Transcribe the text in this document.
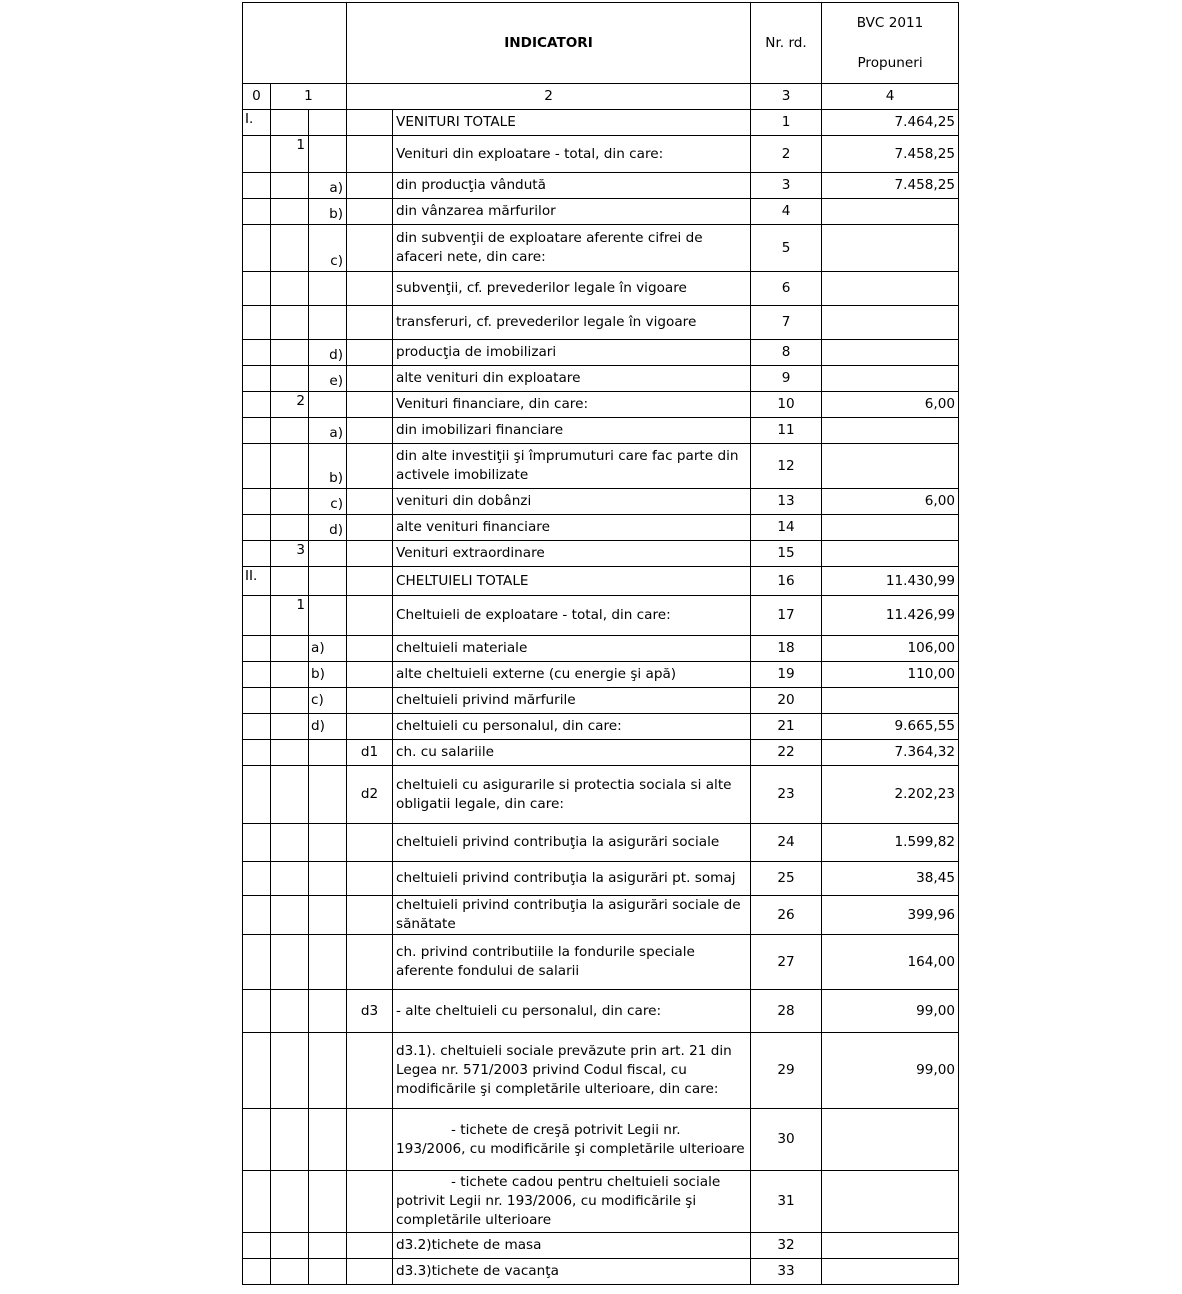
			INDICATORI		Nr. rd.	BVC 2011
Propuneri

0	1		2		3	4
I.				VENITURI TOTALE	1	7.464,25
	1			Venituri din exploatare - total, din care:	2	7.458,25
		a)		din producţia vândută	3	7.458,25
		b)		din vânzarea mărfurilor	4	
		c)		din subvenţii de exploatare aferente cifrei de afaceri nete, din care:	5	
				subvenţii, cf. prevederilor legale în vigoare	6	
				transferuri, cf. prevederilor legale în vigoare	7	
		d)		producţia de imobilizari	8	
		e)		alte venituri din exploatare	9	
	2			Venituri financiare, din care:	10	6,00
		a)		din imobilizari financiare	11	
		b)		din alte investiţii şi împrumuturi care fac parte din activele imobilizate	12	
		c)		venituri din dobânzi	13	6,00
		d)		alte venituri financiare	14	
	3			Venituri extraordinare	15	
II.				CHELTUIELI TOTALE	16	11.430,99
	1			Cheltuieli de exploatare - total, din care:	17	11.426,99
		a)		cheltuieli materiale	18	106,00
		b)		alte cheltuieli externe (cu energie şi apă)	19	110,00
		c)		cheltuieli privind mărfurile	20	
		d)		cheltuieli cu personalul, din care:	21	9.665,55
			d1	ch. cu salariile	22	7.364,32
			d2	cheltuieli cu asigurarile si protectia sociala si alte obligatii legale, din care:	23	2.202,23
				cheltuieli privind contribuţia la asigurări sociale	24	1.599,82
				cheltuieli privind contribuţia la asigurări pt. somaj	25	38,45
				cheltuieli privind contribuţia la asigurări sociale de sănătate	26	399,96
				ch. privind contributiile la fondurile speciale aferente fondului de salarii	27	164,00
			d3	- alte cheltuieli cu personalul, din care:	28	99,00
				d3.1). cheltuieli sociale prevăzute prin art. 21 din Legea nr. 571/2003 privind Codul fiscal, cu modificările şi completările ulterioare, din care:	29	99,00
				- tichete de creşă potrivit Legii nr. 193/2006, cu modificările şi completările ulterioare	30	
				- tichete cadou pentru cheltuieli sociale potrivit Legii nr. 193/2006, cu modificările şi completările ulterioare	31	
				d3.2)tichete de masa	32	
				d3.3)tichete de vacanţa	33	
